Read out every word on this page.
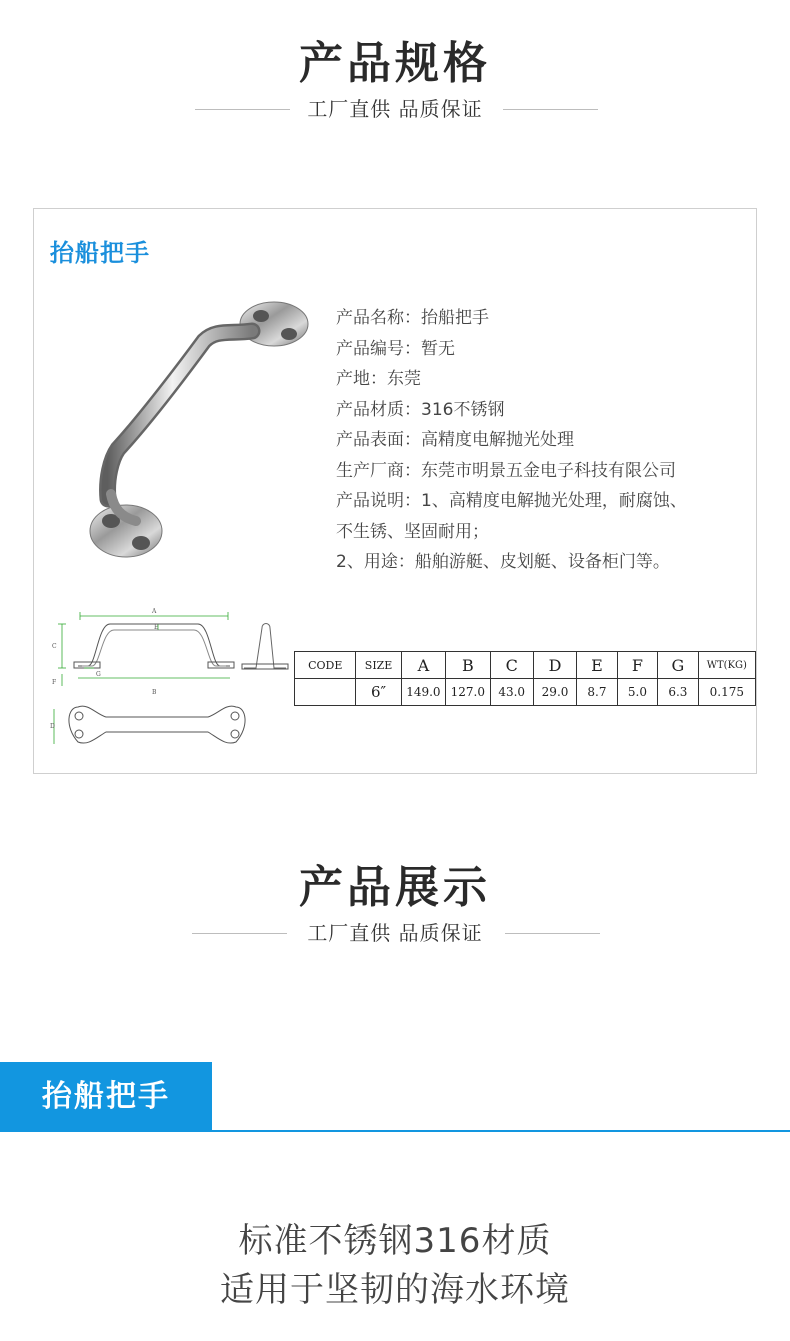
产品规格
工厂直供 品质保证
抬船把手
产品名称：抬船把手
产品编号：暂无
产地：东莞
产品材质：316不锈钢
产品表面：高精度电解抛光处理
生产厂商：东莞市明景五金电子科技有限公司
产品说明：1、高精度电解抛光处理，耐腐蚀、
不生锈、坚固耐用；
2、用途：船舶游艇、皮划艇、设备柜门等。
A
E
C
F
G
B
D
CODE	SIZE	A	B	C	D	E	F	G	WT(KG)
	6″	149.0	127.0	43.0	29.0	8.7	5.0	6.3	0.175
产品展示
工厂直供 品质保证
抬船把手
标准不锈钢316材质
适用于坚韧的海水环境
